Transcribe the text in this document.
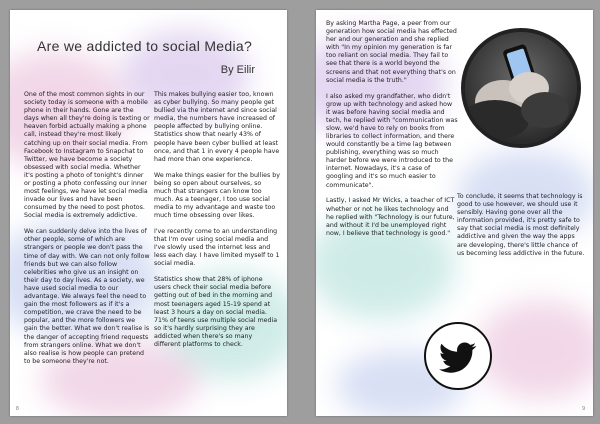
Are we addicted to social Media?
By Eilir

One of the most common sights in our society today is someone with a mobile phone in their hands. Gone are the days when all they're doing is texting or heaven forbid actually making a phone call, instead they're most likely catching up on their social media. From Facebook to Instagram to Snapchat to Twitter, we have become a society obsessed with social media. Whether it's posting a photo of tonight's dinner or posting a photo confessing our inner most feelings, we have let social media invade our lives and have been consumed by the need to post photos. Social media is extremely addictive.

We can suddenly delve into the lives of other people, some of which are strangers or people we don't pass the time of day with. We can not only follow friends but we can also follow celebrities who give us an insight on their day to day lives. As a society, we have used social media to our advantage. We always feel the need to gain the most followers as if it's a competition, we crave the need to be popular, and the more followers we gain the better. What we don't realise is the danger of accepting friend requests from strangers online. What we don't also realise is how people can pretend to be someone they're not.

This makes bullying easier too, known as cyber bullying. So many people get bullied via the internet and since social media, the numbers have increased of people affected by bullying online. Statistics show that nearly 43% of people have been cyber bullied at least once, and that 1 in every 4 people have had more than one experience.

We make things easier for the bullies by being so open about ourselves, so much that strangers can know too much. As a teenager, I too use social media to my advantage and waste too much time obsessing over likes.

I've recently come to an understanding that I'm over using social media and I've slowly used the internet less and less each day. I have limited myself to 1 social media.

Statistics show that 28% of iphone users check their social media before getting out of bed in the morning and most teenagers aged 15-19 spend at least 3 hours a day on social media. 71% of teens use multiple social media so it's hardly surprising they are addicted when there's so many different platforms to check.

8

By asking Martha Page, a peer from our generation how social media has effected her and our generation and she replied with "In my opinion my generation is far too reliant on social media. They fail to see that there is a world beyond the screens and that not everything that's on social media is the truth."

I also asked my grandfather, who didn't grow up with technology and asked how it was before having social media and tech, he replied with "communication was slow, we'd have to rely on books from libraries to collect information, and there would constantly be a time lag between publishing, everything was so much harder before we were introduced to the internet. Nowadays, it's a case of googling and it's so much easier to communicate".

Lastly, I asked Mr Wicks, a teacher of ICT whether or not he likes technology and he replied with "Technology is our future, and without it I'd be unemployed right now, I believe that technology is good."

To conclude, it seems that technology is good to use however, we should use it sensibly. Having gone over all the information provided, it's pretty safe to say that social media is most definitely addictive and given the way the apps are developing, there's little chance of us becoming less addictive in the future.

9
